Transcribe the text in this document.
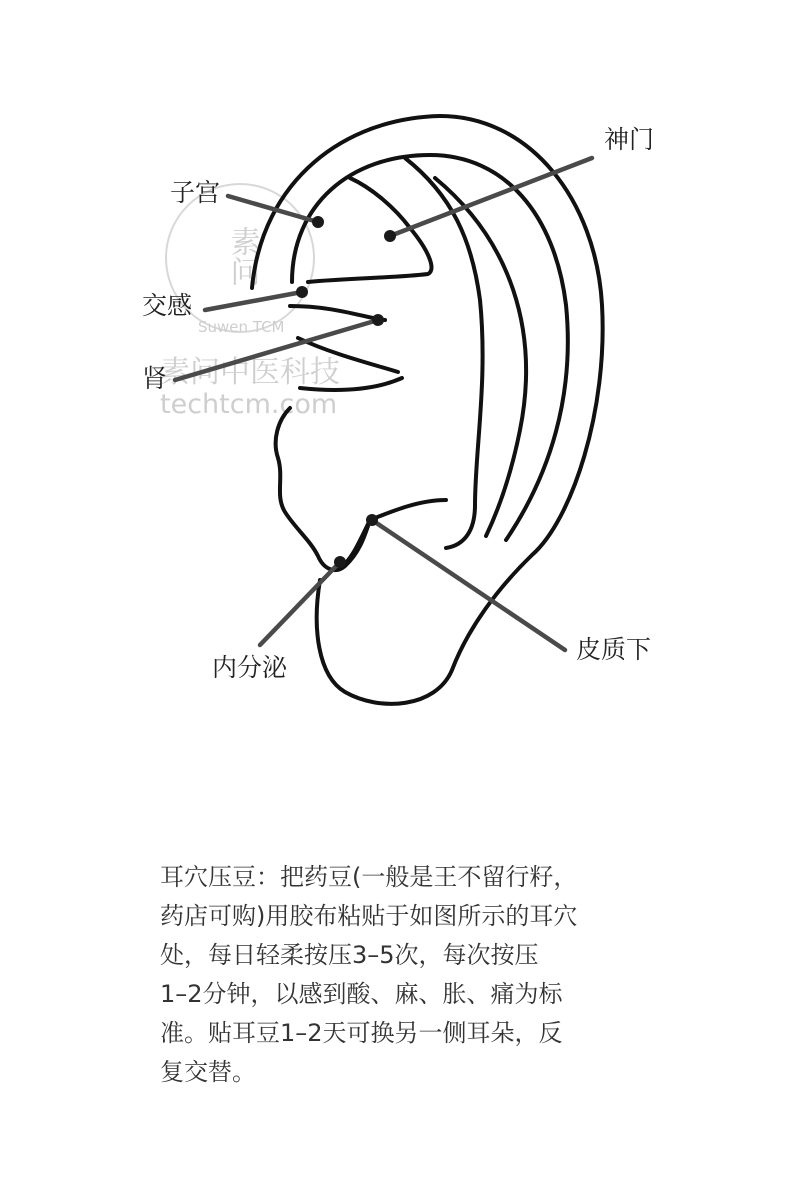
素问
Suwen TCM
素问中医科技
techtcm.com
子宫
神门
交感
肾
皮质下
内分泌

耳穴压豆：把药豆(一般是王不留行籽，
药店可购)用胶布粘贴于如图所示的耳穴
处，每日轻柔按压3–5次，每次按压
1–2分钟，以感到酸、麻、胀、痛为标
准。贴耳豆1–2天可换另一侧耳朵，反
复交替。
